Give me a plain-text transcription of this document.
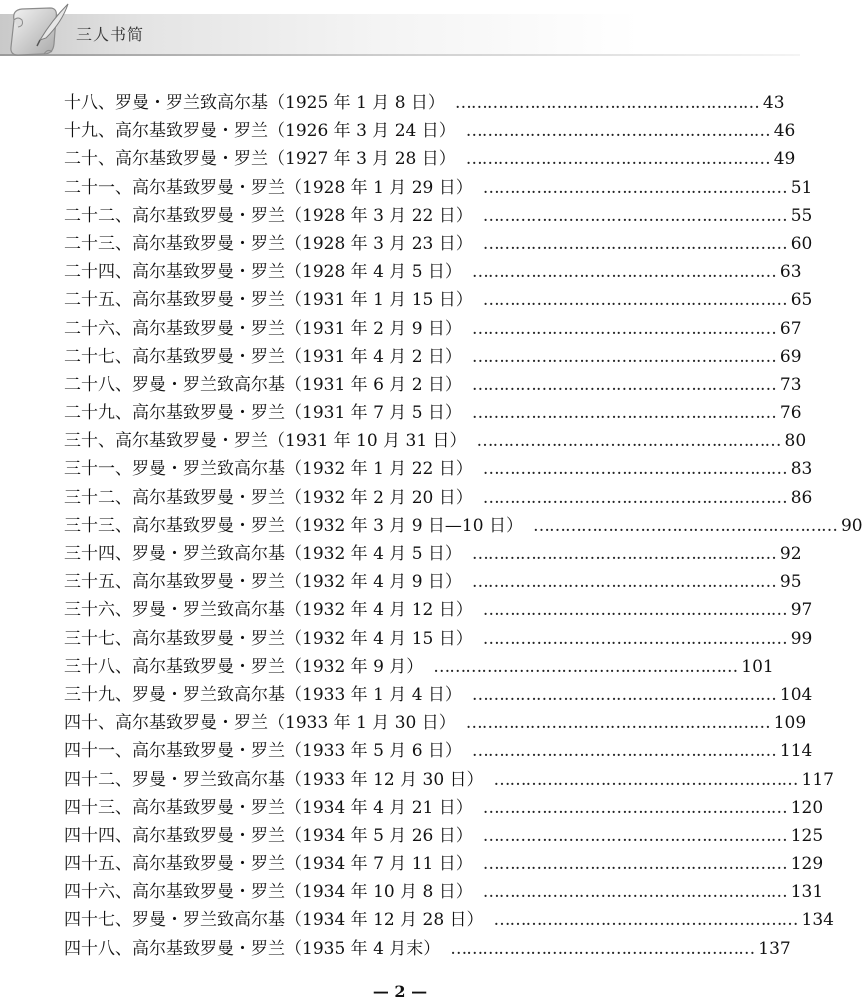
三人书简
十八、罗曼・罗兰致高尔基（1925 年 1 月 8 日） ………………………………………………… 43
十九、高尔基致罗曼・罗兰（1926 年 3 月 24 日） ………………………………………………… 46
二十、高尔基致罗曼・罗兰（1927 年 3 月 28 日） ………………………………………………… 49
二十一、高尔基致罗曼・罗兰（1928 年 1 月 29 日） ………………………………………………… 51
二十二、高尔基致罗曼・罗兰（1928 年 3 月 22 日） ………………………………………………… 55
二十三、高尔基致罗曼・罗兰（1928 年 3 月 23 日） ………………………………………………… 60
二十四、高尔基致罗曼・罗兰（1928 年 4 月 5 日） ………………………………………………… 63
二十五、高尔基致罗曼・罗兰（1931 年 1 月 15 日） ………………………………………………… 65
二十六、高尔基致罗曼・罗兰（1931 年 2 月 9 日） ………………………………………………… 67
二十七、高尔基致罗曼・罗兰（1931 年 4 月 2 日） ………………………………………………… 69
二十八、罗曼・罗兰致高尔基（1931 年 6 月 2 日） ………………………………………………… 73
二十九、高尔基致罗曼・罗兰（1931 年 7 月 5 日） ………………………………………………… 76
三十、高尔基致罗曼・罗兰（1931 年 10 月 31 日） ………………………………………………… 80
三十一、罗曼・罗兰致高尔基（1932 年 1 月 22 日） ………………………………………………… 83
三十二、高尔基致罗曼・罗兰（1932 年 2 月 20 日） ………………………………………………… 86
三十三、高尔基致罗曼・罗兰（1932 年 3 月 9 日—10 日） ………………………………………………… 90
三十四、罗曼・罗兰致高尔基（1932 年 4 月 5 日） ………………………………………………… 92
三十五、高尔基致罗曼・罗兰（1932 年 4 月 9 日） ………………………………………………… 95
三十六、罗曼・罗兰致高尔基（1932 年 4 月 12 日） ………………………………………………… 97
三十七、高尔基致罗曼・罗兰（1932 年 4 月 15 日） ………………………………………………… 99
三十八、高尔基致罗曼・罗兰（1932 年 9 月） ………………………………………………… 101
三十九、罗曼・罗兰致高尔基（1933 年 1 月 4 日） ………………………………………………… 104
四十、高尔基致罗曼・罗兰（1933 年 1 月 30 日） ………………………………………………… 109
四十一、高尔基致罗曼・罗兰（1933 年 5 月 6 日） ………………………………………………… 114
四十二、罗曼・罗兰致高尔基（1933 年 12 月 30 日） ………………………………………………… 117
四十三、高尔基致罗曼・罗兰（1934 年 4 月 21 日） ………………………………………………… 120
四十四、高尔基致罗曼・罗兰（1934 年 5 月 26 日） ………………………………………………… 125
四十五、高尔基致罗曼・罗兰（1934 年 7 月 11 日） ………………………………………………… 129
四十六、高尔基致罗曼・罗兰（1934 年 10 月 8 日） ………………………………………………… 131
四十七、罗曼・罗兰致高尔基（1934 年 12 月 28 日） ………………………………………………… 134
四十八、高尔基致罗曼・罗兰（1935 年 4 月末） ………………………………………………… 137
— 2 —
